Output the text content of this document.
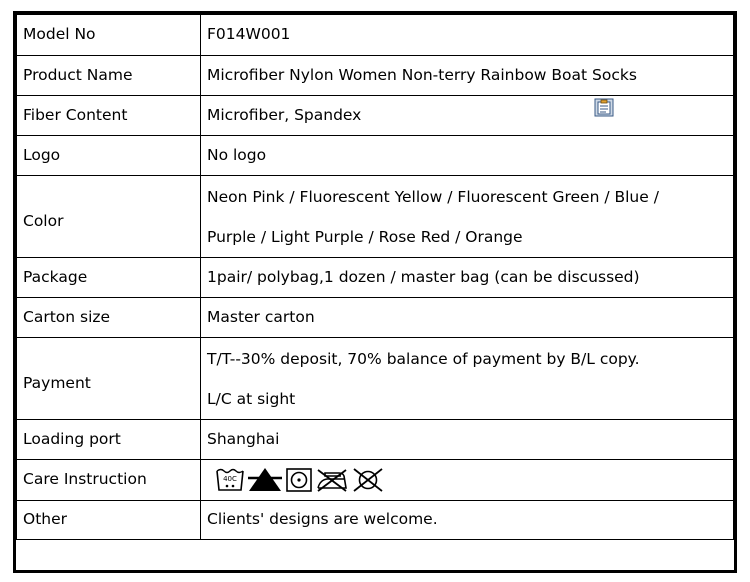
Model No	F014W001
Product Name	Microfiber Nylon Women Non-terry Rainbow Boat Socks
Fiber Content	Microfiber, Spandex
Logo	No logo
Color	Neon Pink / Fluorescent Yellow / Fluorescent Green / Blue /
Purple / Light Purple / Rose Red / Orange

Package	1pair/ polybag,1 dozen / master bag (can be discussed)
Carton size	Master carton
Payment	T/T--30% deposit, 70% balance of payment by B/L copy.
L/C at sight

Loading port	Shanghai
Care Instruction	40C

Other	Clients' designs are welcome.
